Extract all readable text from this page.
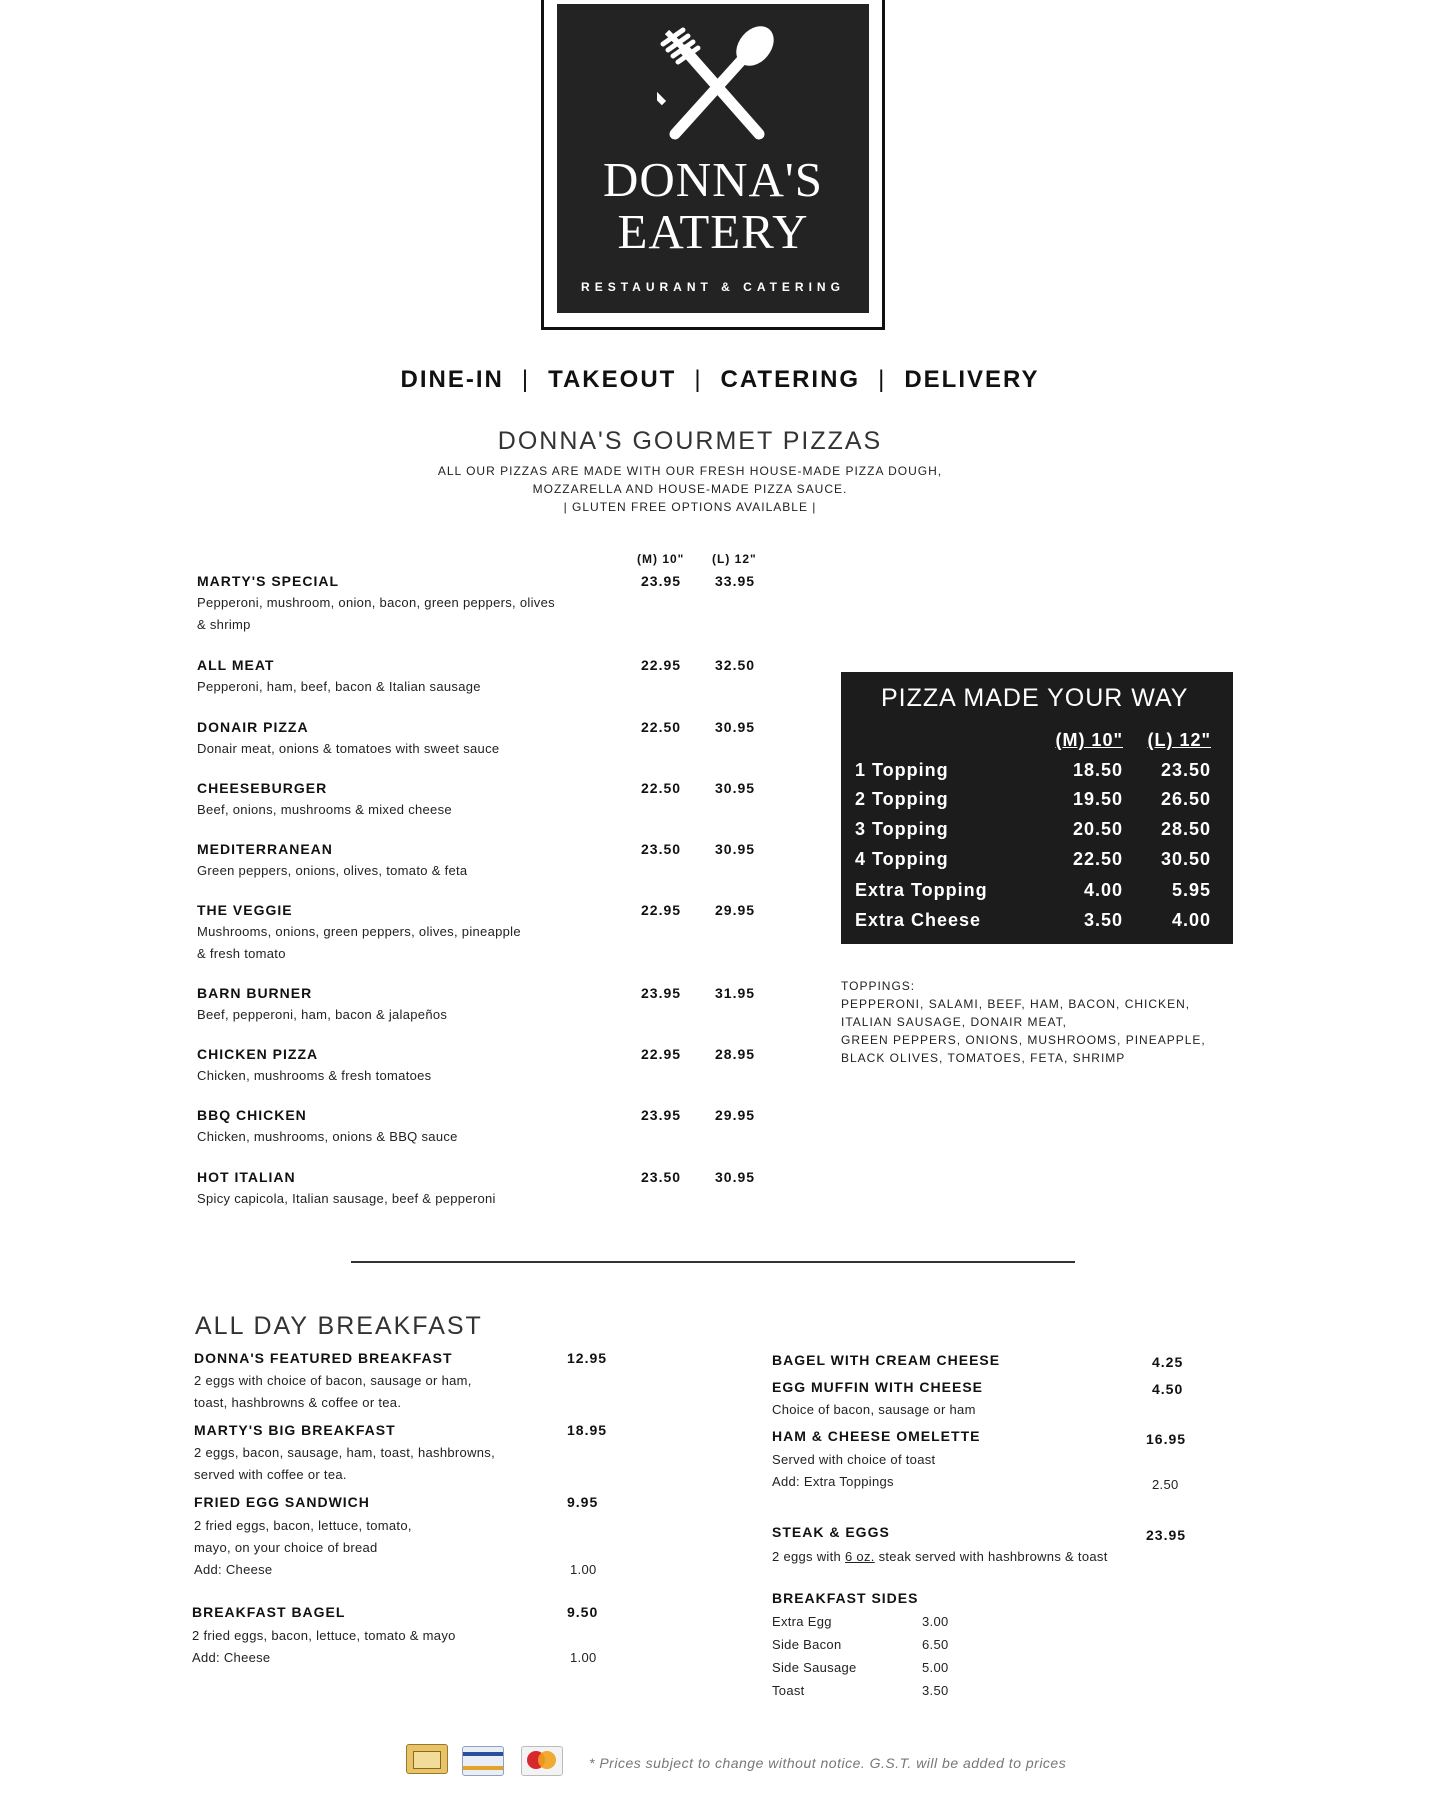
DONNA'S
EATERY
RESTAURANT & CATERING
DINE-IN | TAKEOUT | CATERING | DELIVERY
DONNA'S GOURMET PIZZAS
ALL OUR PIZZAS ARE MADE WITH OUR FRESH HOUSE-MADE PIZZA DOUGH,
MOZZARELLA AND HOUSE-MADE PIZZA SAUCE.
| GLUTEN FREE OPTIONS AVAILABLE |
(M) 10" (L) 12"
MARTY'S SPECIAL	23.95 33.95
Pepperoni, mushroom, onion, bacon, green peppers, olives
& shrimp
ALL MEAT	22.95 32.50
Pepperoni, ham, beef, bacon & Italian sausage
DONAIR PIZZA	22.50 30.95
Donair meat, onions & tomatoes with sweet sauce
CHEESEBURGER	22.50 30.95
Beef, onions, mushrooms & mixed cheese
MEDITERRANEAN	23.50 30.95
Green peppers, onions, olives, tomato & feta
THE VEGGIE	22.95 29.95
Mushrooms, onions, green peppers, olives, pineapple
& fresh tomato
BARN BURNER	23.95 31.95
Beef, pepperoni, ham, bacon & jalapeños
CHICKEN PIZZA	22.95 28.95
Chicken, mushrooms & fresh tomatoes
BBQ CHICKEN	23.95 29.95
Chicken, mushrooms, onions & BBQ sauce
HOT ITALIAN	23.50 30.95
Spicy capicola, Italian sausage, beef & pepperoni
PIZZA MADE YOUR WAY
(M) 10" (L) 12"
1 Topping	18.50 23.50
2 Topping	19.50 26.50
3 Topping	20.50 28.50
4 Topping	22.50 30.50
Extra Topping	4.00	5.95
Extra Cheese	3.50	4.00
TOPPINGS:
PEPPERONI, SALAMI, BEEF, HAM, BACON, CHICKEN,
ITALIAN SAUSAGE, DONAIR MEAT,
GREEN PEPPERS, ONIONS, MUSHROOMS, PINEAPPLE,
BLACK OLIVES, TOMATOES, FETA, SHRIMP
ALL DAY BREAKFAST
DONNA'S FEATURED BREAKFAST	12.95
2 eggs with choice of bacon, sausage or ham,
toast, hashbrowns & coffee or tea.
MARTY'S BIG BREAKFAST	18.95
2 eggs, bacon, sausage, ham, toast, hashbrowns,
served with coffee or tea.
FRIED EGG SANDWICH	9.95
2 fried eggs, bacon, lettuce, tomato,
mayo, on your choice of bread
Add: Cheese	1.00
BREAKFAST BAGEL	9.50
2 fried eggs, bacon, lettuce, tomato & mayo
Add: Cheese	1.00
BAGEL WITH CREAM CHEESE	4.25
EGG MUFFIN WITH CHEESE	4.50
Choice of bacon, sausage or ham
HAM & CHEESE OMELETTE	16.95
Served with choice of toast
Add: Extra Toppings	2.50
STEAK & EGGS	23.95
2 eggs with 6 oz. steak served with hashbrowns & toast
BREAKFAST SIDES
Extra Egg	3.00
Side Bacon	6.50
Side Sausage	5.00
Toast	3.50
* Prices subject to change without notice. G.S.T. will be added to prices
